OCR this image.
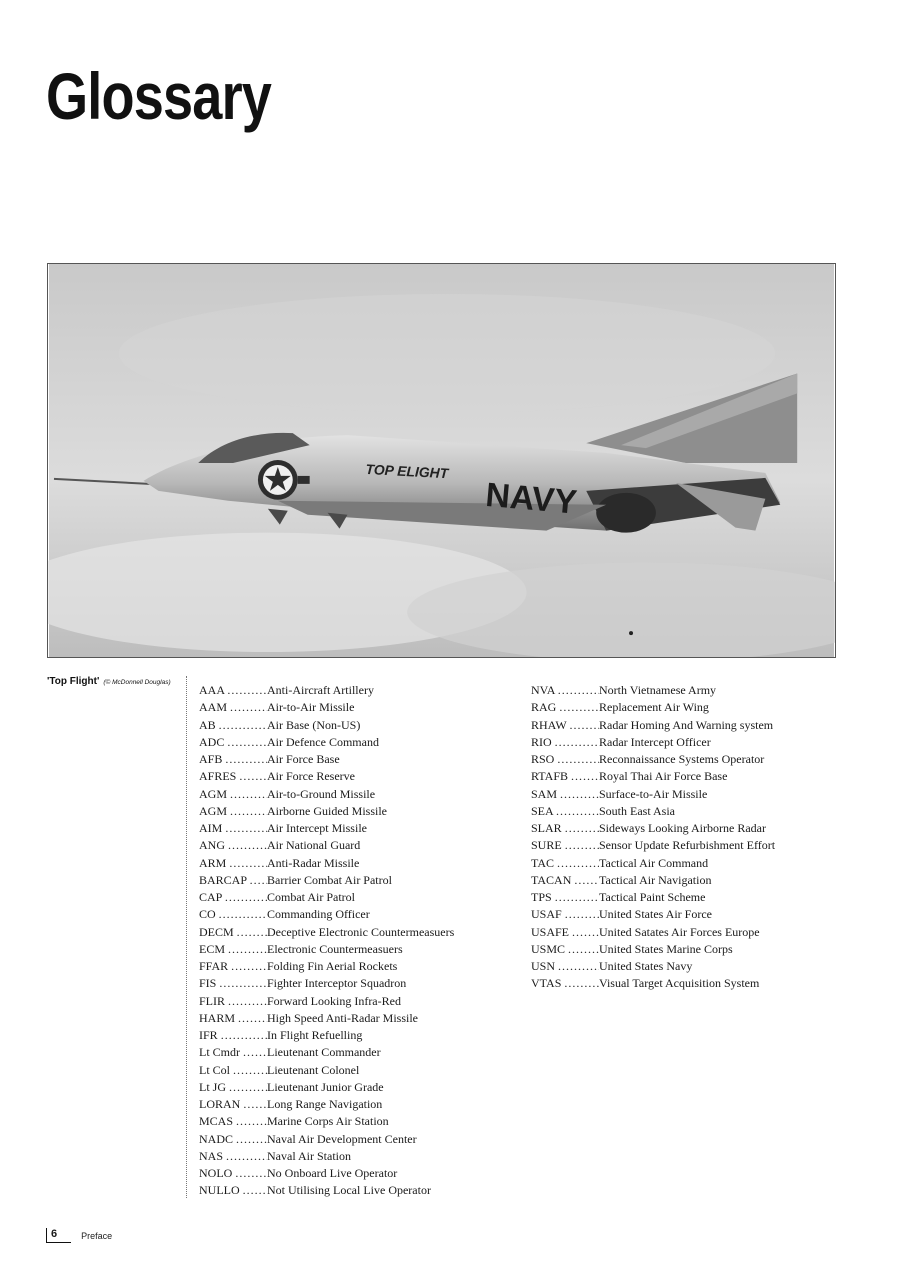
Glossary
TOP ELIGHT
NAVY
'Top Flight' (© McDonnell Douglas)
AAA .....	Anti-Aircraft Artillery
AAM .....	Air-to-Air Missile
AB .....	Air Base (Non-US)
ADC .....	Air Defence Command
AFB .....	Air Force Base
AFRES .....	Air Force Reserve
AGM .....	Air-to-Ground Missile
AGM .....	Airborne Guided Missile
AIM .....	Air Intercept Missile
ANG .....	Air National Guard
ARM .....	Anti-Radar Missile
BARCAP ..... Barrier Combat Air Patrol
CAP .....	Combat Air Patrol
CO .....	Commanding Officer
DECM .....	Deceptive Electronic Countermeasuers
ECM .....	Electronic Countermeasuers
FFAR .....	Folding Fin Aerial Rockets
FIS .....	Fighter Interceptor Squadron
FLIR .....	Forward Looking Infra-Red
HARM .....	High Speed Anti-Radar Missile
IFR .....	In Flight Refuelling
Lt Cmdr ..... Lieutenant Commander
Lt Col .....	Lieutenant Colonel
Lt JG .....	Lieutenant Junior Grade
LORAN ..... Long Range Navigation
MCAS .....	Marine Corps Air Station
NADC .....	Naval Air Development Center
NAS .....	Naval Air Station
NOLO .....	No Onboard Live Operator
NULLO ..... Not Utilising Local Live Operator
NVA .....	North Vietnamese Army
RAG .....	Replacement Air Wing
RHAW .....	Radar Homing And Warning system
RIO .....	Radar Intercept Officer
RSO .....	Reconnaissance Systems Operator
RTAFB .....	Royal Thai Air Force Base
SAM .....	Surface-to-Air Missile
SEA .....	South East Asia
SLAR .....	Sideways Looking Airborne Radar
SURE .....	Sensor Update Refurbishment Effort
TAC .....	Tactical Air Command
TACAN ..... Tactical Air Navigation
TPS .....	Tactical Paint Scheme
USAF .....	United States Air Force
USAFE ..... United Satates Air Forces Europe
USMC .....	United States Marine Corps
USN .....	United States Navy
VTAS .....	Visual Target Acquisition System
6	Preface
